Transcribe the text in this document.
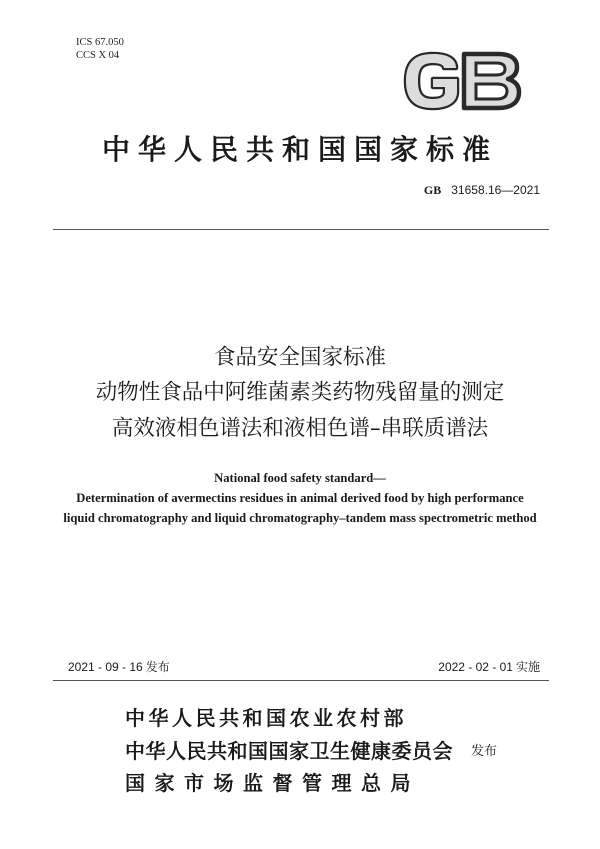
ICS 67.050
CCS X 04
中华人民共和国国家标准
GB 31658.16—2021
食品安全国家标准
动物性食品中阿维菌素类药物残留量的测定
高效液相色谱法和液相色谱–串联质谱法
National food safety standard—
Determination of avermectins residues in animal derived food by high performance
liquid chromatography and liquid chromatography–tandem mass spectrometric method
2021 - 09 - 16 发布	2022 - 02 - 01 实施
中华人民共和国农业农村部
中华人民共和国国家卫生健康委员会
国家市场监督管理总局
发布
